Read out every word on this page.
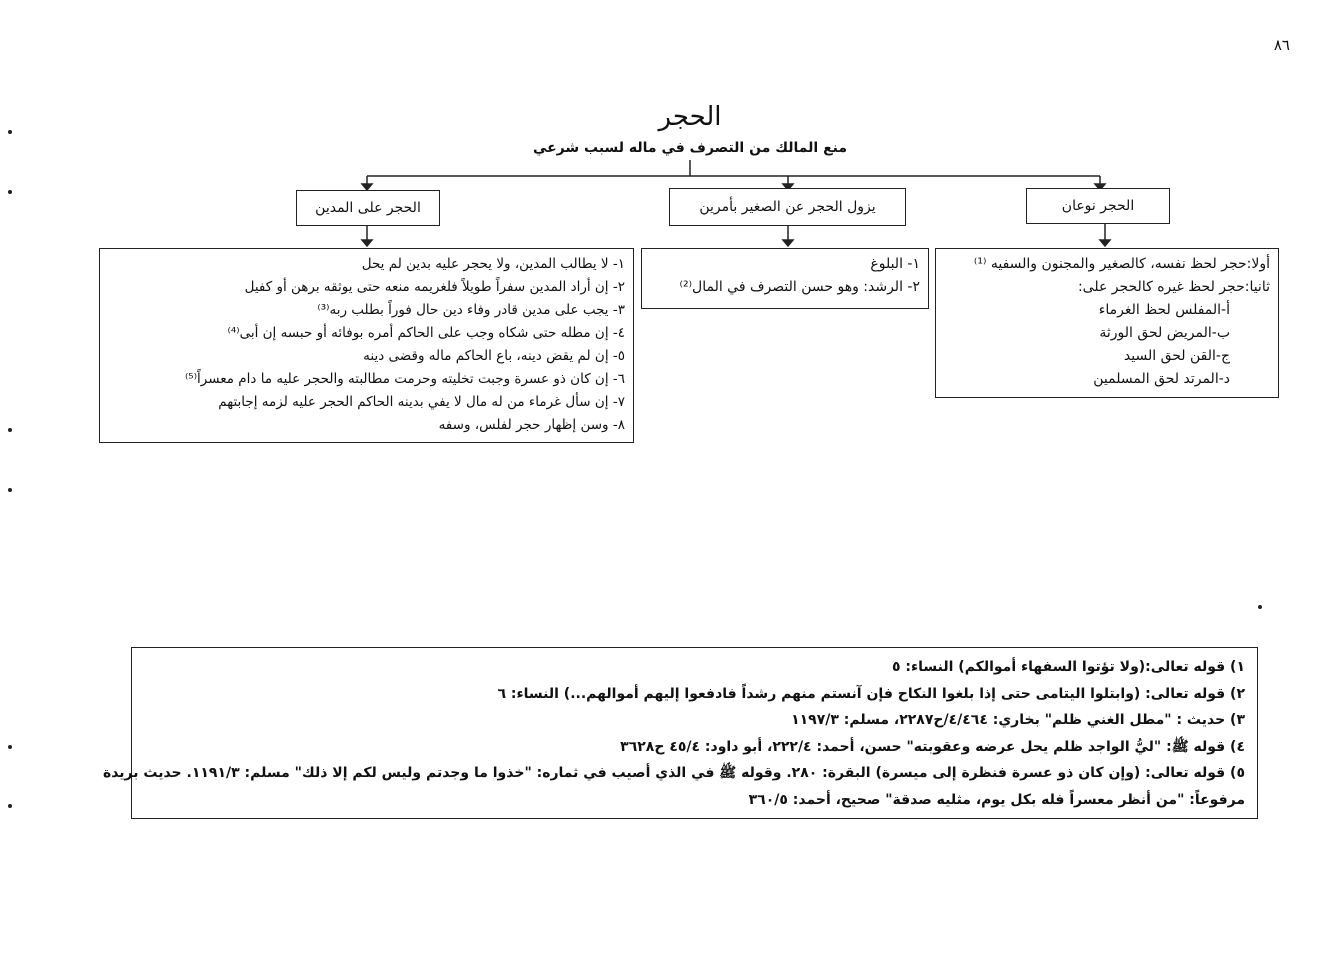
٨٦
الحجر
منع المالك من التصرف في ماله لسبب شرعي
الحجر نوعان
يزول الحجر عن الصغير بأمرين
الحجر على المدين
أولا:حجر لحظ نفسه، كالصغير والمجنون والسفيه ⁽¹⁾
ثانيا:حجر لحظ غيره كالحجر على:
أ-المفلس لحظ الغرماء
ب-المريض لحق الورثة
ج-القن لحق السيد
د-المرتد لحق المسلمين
١- البلوغ
٢- الرشد: وهو حسن التصرف في المال⁽²⁾
١- لا يطالب المدين، ولا يحجر عليه بدين لم يحل
٢- إن أراد المدين سفراً طويلاً فلغريمه منعه حتى يوثقه برهن أو كفيل
٣- يجب على مدين قادر وفاء دين حال فوراً بطلب ربه⁽³⁾
٤- إن مطله حتى شكاه وجب على الحاكم أمره بوفائه أو حبسه إن أبى⁽⁴⁾
٥- إن لم يقض دينه، باع الحاكم ماله وقضى دينه
٦- إن كان ذو عسرة وجبت تخليته وحرمت مطالبته والحجر عليه ما دام معسراً⁽⁵⁾
٧- إن سأل غرماء من له مال لا يفي بدينه الحاكم الحجر عليه لزمه إجابتهم
٨- وسن إظهار حجر لفلس، وسفه
١) قوله تعالى:(ولا تؤتوا السفهاء أموالكم) النساء: ٥
٢) قوله تعالى: (وابتلوا اليتامى حتى إذا بلغوا النكاح فإن آنستم منهم رشداً فادفعوا إليهم أموالهم...) النساء: ٦
٣) حديث : "مطل الغني ظلم" بخاري: ٤/٤٦٤/ح٢٢٨٧، مسلم: ١١٩٧/٣
٤) قوله ﷺ: "ليُّ الواجد ظلم يحل عرضه وعقوبته" حسن، أحمد: ٢٢٢/٤، أبو داود: ٤٥/٤ ح٣٦٢٨
٥) قوله تعالى: (وإن كان ذو عسرة فنظرة إلى ميسرة) البقرة: ٢٨٠. وقوله ﷺ في الذي أصيب في ثماره: "خذوا ما وجدتم وليس لكم إلا ذلك" مسلم: ١١٩١/٣. حديث بريدة
مرفوعاً: "من أنظر معسراً فله بكل يوم، مثليه صدقة" صحيح، أحمد: ٣٦٠/٥
